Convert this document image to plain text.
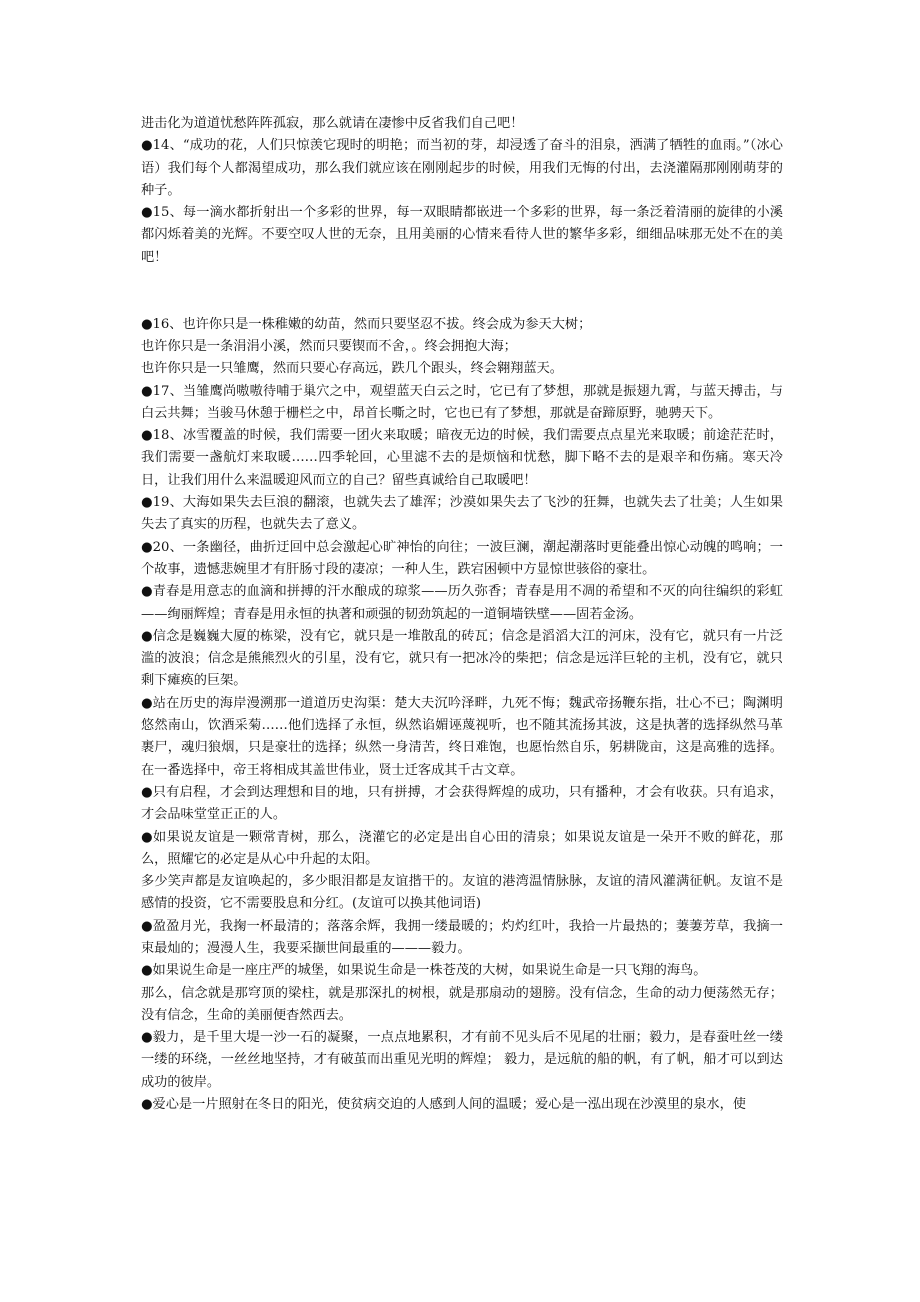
进击化为道道忧愁阵阵孤寂，那么就请在凄惨中反省我们自己吧！

●14、“成功的花，人们只惊羡它现时的明艳；而当初的芽，却浸透了奋斗的泪泉，洒满了牺牲的血雨。”（冰心语）我们每个人都渴望成功，那么我们就应该在刚刚起步的时候，用我们无悔的付出，去浇灌隔那刚刚萌芽的种子。

●15、每一滴水都折射出一个多彩的世界，每一双眼睛都嵌进一个多彩的世界，每一条泛着清丽的旋律的小溪都闪烁着美的光辉。不要空叹人世的无奈，且用美丽的心情来看待人世的繁华多彩，细细品味那无处不在的美吧！

●16、也许你只是一株稚嫩的幼苗，然而只要坚忍不拔。终会成为参天大树；

也许你只是一条涓涓小溪，然而只要锲而不舍，。终会拥抱大海；

也许你只是一只雏鹰，然而只要心存高远，跌几个跟头，终会翱翔蓝天。

●17、当雏鹰尚嗷嗷待哺于巢穴之中，观望蓝天白云之时，它已有了梦想，那就是振翅九霄，与蓝天搏击，与白云共舞；当骏马休憩于栅栏之中，昂首长嘶之时，它也已有了梦想，那就是奋蹄原野，驰骋天下。

●18、冰雪覆盖的时候，我们需要一团火来取暖；暗夜无边的时候，我们需要点点星光来取暖；前途茫茫时，我们需要一盏航灯来取暖……四季轮回，心里滤不去的是烦恼和忧愁，脚下略不去的是艰辛和伤痛。寒天冷日，让我们用什么来温暖迎风而立的自己？留些真诚给自己取暖吧！

●19、大海如果失去巨浪的翻滚，也就失去了雄浑；沙漠如果失去了飞沙的狂舞，也就失去了壮美；人生如果失去了真实的历程，也就失去了意义。

●20、一条幽径，曲折迂回中总会激起心旷神怡的向往；一波巨澜，潮起潮落时更能叠出惊心动魄的鸣响；一个故事，遗憾悲婉里才有肝肠寸段的凄凉；一种人生，跌宕困顿中方显惊世骇俗的豪壮。

●青春是用意志的血滴和拼搏的汗水酿成的琼浆——历久弥香；青春是用不凋的希望和不灭的向往编织的彩虹——绚丽辉煌；青春是用永恒的执著和顽强的韧劲筑起的一道铜墙铁壁——固若金汤。

●信念是巍巍大厦的栋梁，没有它，就只是一堆散乱的砖瓦；信念是滔滔大江的河床，没有它，就只有一片泛滥的波浪；信念是熊熊烈火的引星，没有它，就只有一把冰冷的柴把；信念是远洋巨轮的主机，没有它，就只剩下瘫痪的巨架。

●站在历史的海岸漫溯那一道道历史沟渠：楚大夫沉吟泽畔，九死不悔；魏武帝扬鞭东指，壮心不已；陶渊明悠然南山，饮酒采菊……他们选择了永恒，纵然谄媚诬蔑视听，也不随其流扬其波，这是执著的选择纵然马革裹尸，魂归狼烟，只是豪壮的选择；纵然一身清苦，终日难饱，也愿怡然自乐，躬耕陇亩，这是高雅的选择。在一番选择中，帝王将相成其盖世伟业，贤士迁客成其千古文章。

●只有启程，才会到达理想和目的地，只有拼搏，才会获得辉煌的成功，只有播种，才会有收获。只有追求，才会品味堂堂正正的人。

●如果说友谊是一颗常青树，那么，浇灌它的必定是出自心田的清泉；如果说友谊是一朵开不败的鲜花，那么，照耀它的必定是从心中升起的太阳。

多少笑声都是友谊唤起的，多少眼泪都是友谊揩干的。友谊的港湾温情脉脉，友谊的清风灌满征帆。友谊不是感情的投资，它不需要股息和分红。(友谊可以换其他词语)

●盈盈月光，我掬一杯最清的；落落余辉，我拥一缕最暖的；灼灼红叶，我拾一片最热的；萋萋芳草，我摘一束最灿的；漫漫人生，我要采撷世间最重的———毅力。

●如果说生命是一座庄严的城堡，如果说生命是一株苍茂的大树，如果说生命是一只飞翔的海鸟。

那么，信念就是那穹顶的梁柱，就是那深扎的树根，就是那扇动的翅膀。没有信念，生命的动力便荡然无存；没有信念，生命的美丽便杳然西去。

●毅力，是千里大堤一沙一石的凝聚，一点点地累积，才有前不见头后不见尾的壮丽；毅力，是春蚕吐丝一缕一缕的环绕，一丝丝地坚持，才有破茧而出重见光明的辉煌； 毅力，是远航的船的帆，有了帆，船才可以到达成功的彼岸。

●爱心是一片照射在冬日的阳光，使贫病交迫的人感到人间的温暖；爱心是一泓出现在沙漠里的泉水，使
